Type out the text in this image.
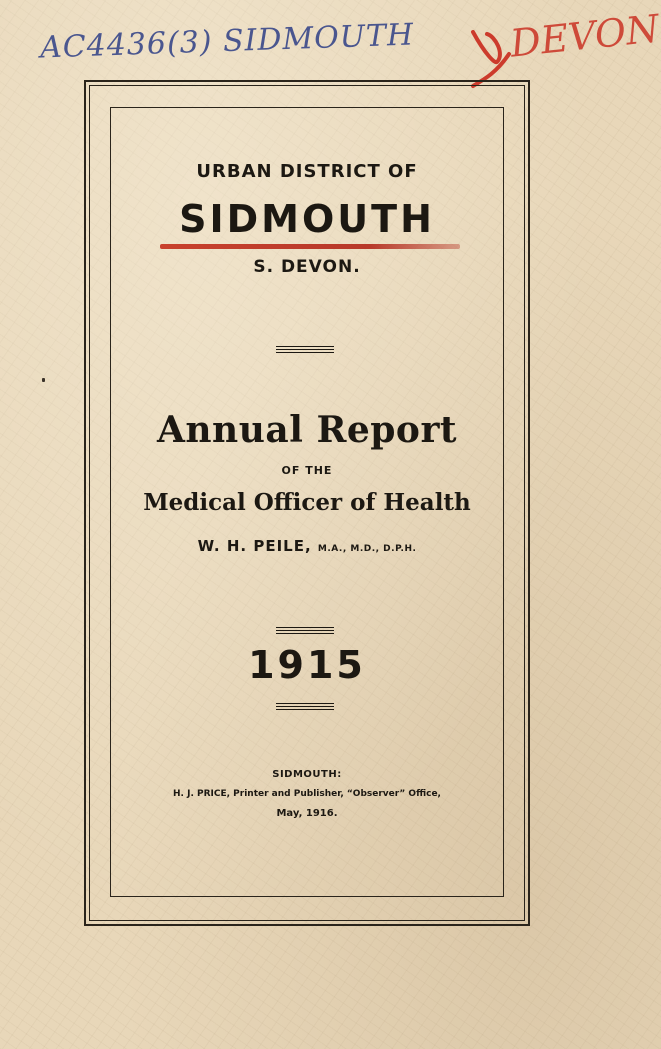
AC4436(3) SIDMOUTH DEVON
URBAN DISTRICT OF
SIDMOUTH
S. DEVON.
Annual Report
OF THE
Medical Officer of Health
W. H. PEILE, M.A., M.D., D.P.H.
1915
SIDMOUTH:
H. J. PRICE, Printer and Publisher, “Observer” Office,
May, 1916.
